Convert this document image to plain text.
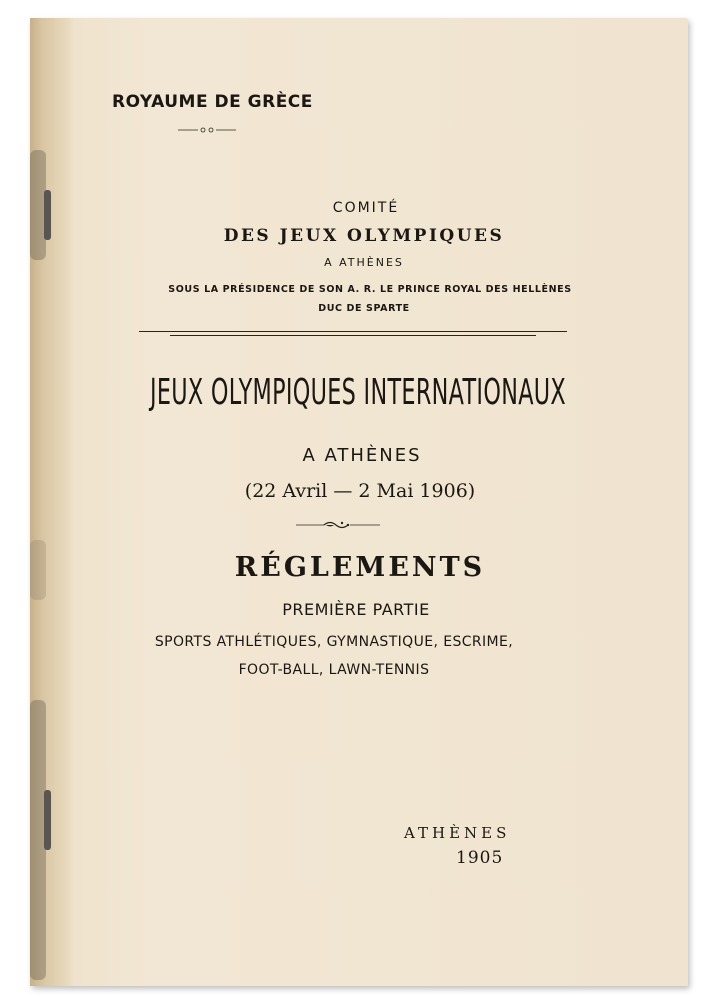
ROYAUME DE GRÈCE
COMITÉ
DES JEUX OLYMPIQUES
A ATHÈNES
SOUS LA PRÉSIDENCE DE SON A. R. LE PRINCE ROYAL DES HELLÈNES
DUC DE SPARTE
JEUX OLYMPIQUES INTERNATIONAUX
A ATHÈNES
(22 Avril — 2 Mai 1906)
RÉGLEMENTS
PREMIÈRE PARTIE
SPORTS ATHLÉTIQUES, GYMNASTIQUE, ESCRIME,
FOOT-BALL, LAWN-TENNIS
ATHÈNES
1905
